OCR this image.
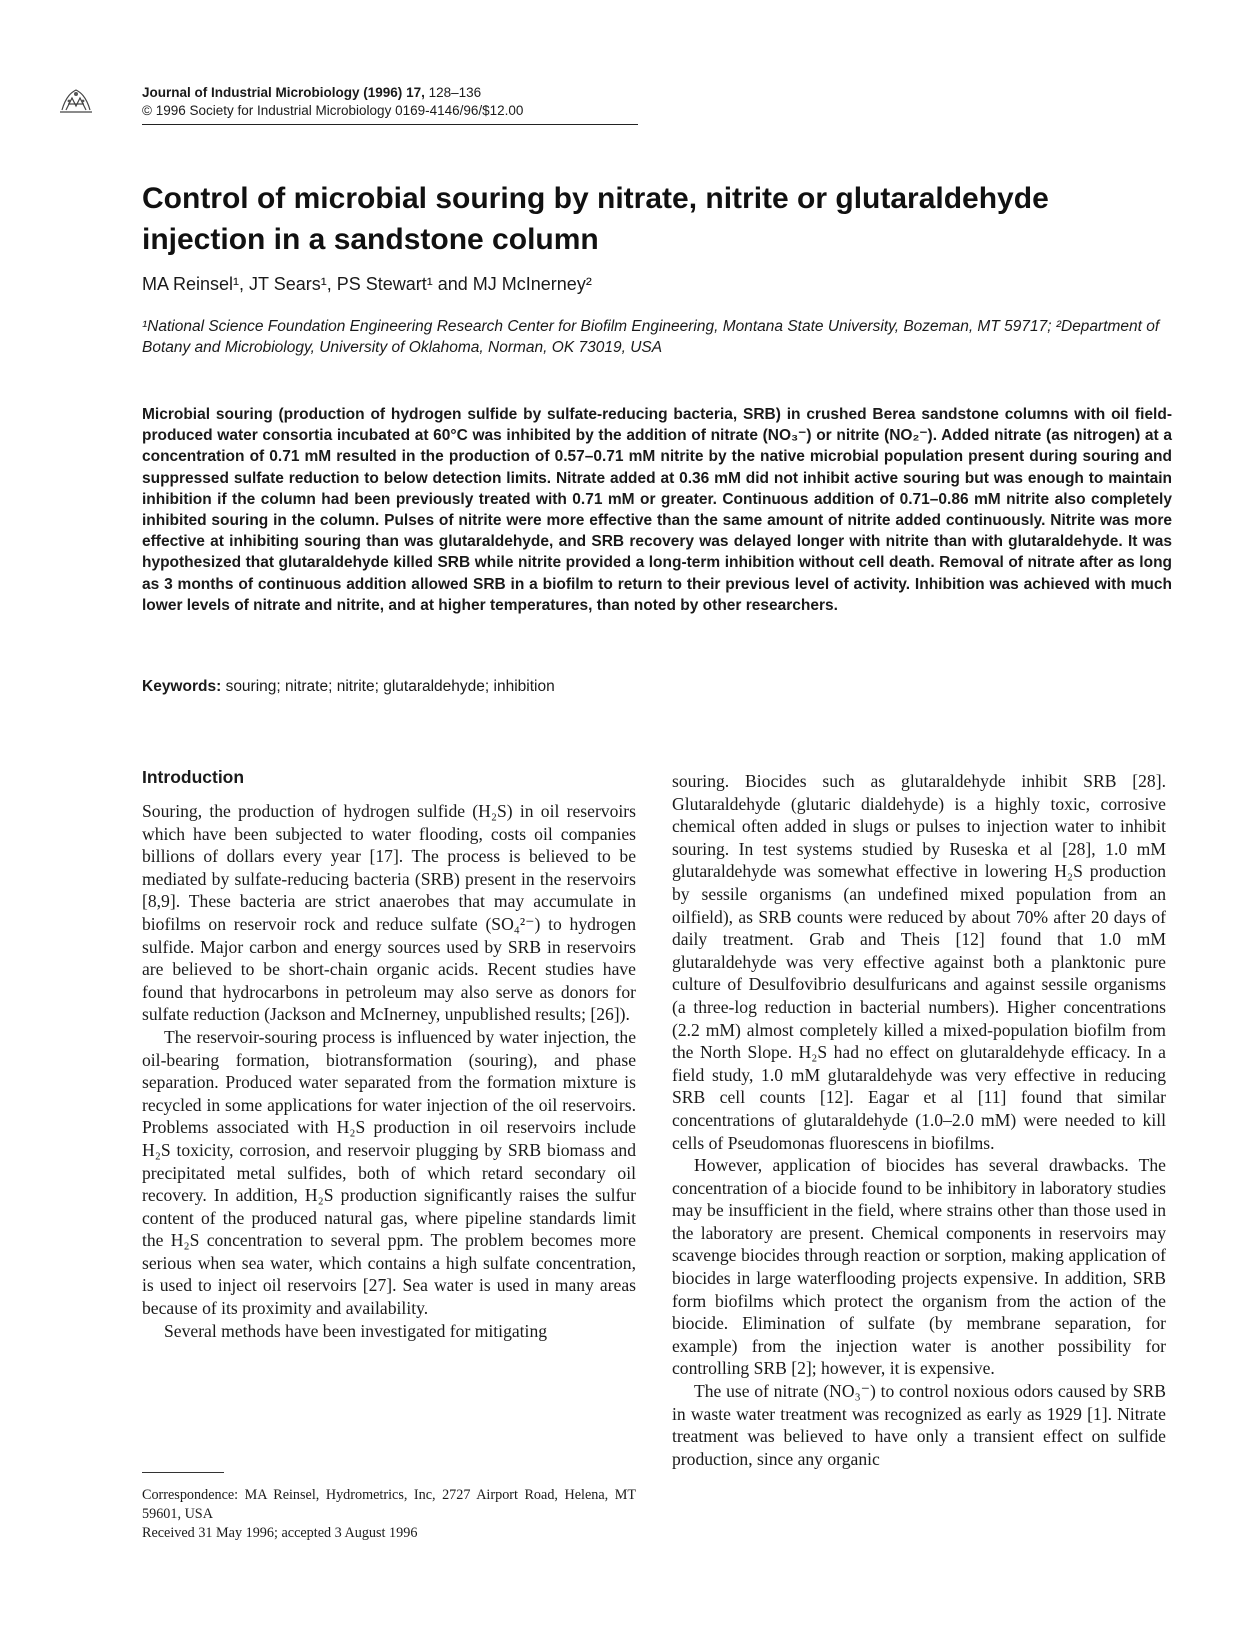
Journal of Industrial Microbiology (1996) 17, 128–136
© 1996 Society for Industrial Microbiology 0169-4146/96/$12.00
Control of microbial souring by nitrate, nitrite or glutaraldehyde injection in a sandstone column
MA Reinsel¹, JT Sears¹, PS Stewart¹ and MJ McInerney²
¹National Science Foundation Engineering Research Center for Biofilm Engineering, Montana State University, Bozeman, MT 59717; ²Department of Botany and Microbiology, University of Oklahoma, Norman, OK 73019, USA

Microbial souring (production of hydrogen sulfide by sulfate-reducing bacteria, SRB) in crushed Berea sandstone columns with oil field-produced water consortia incubated at 60°C was inhibited by the addition of nitrate (NO₃⁻) or nitrite (NO₂⁻). Added nitrate (as nitrogen) at a concentration of 0.71 mM resulted in the production of 0.57–0.71 mM nitrite by the native microbial population present during souring and suppressed sulfate reduction to below detection limits. Nitrate added at 0.36 mM did not inhibit active souring but was enough to maintain inhibition if the column had been previously treated with 0.71 mM or greater. Continuous addition of 0.71–0.86 mM nitrite also completely inhibited souring in the column. Pulses of nitrite were more effective than the same amount of nitrite added continuously. Nitrite was more effective at inhibiting souring than was glutaraldehyde, and SRB recovery was delayed longer with nitrite than with glutaraldehyde. It was hypothesized that glutaraldehyde killed SRB while nitrite provided a long-term inhibition without cell death. Removal of nitrate after as long as 3 months of continuous addition allowed SRB in a biofilm to return to their previous level of activity. Inhibition was achieved with much lower levels of nitrate and nitrite, and at higher temperatures, than noted by other researchers.

Keywords: souring; nitrate; nitrite; glutaraldehyde; inhibition
Introduction

Souring, the production of hydrogen sulfide (H₂S) in oil reservoirs which have been subjected to water flooding, costs oil companies billions of dollars every year [17]. The process is believed to be mediated by sulfate-reducing bacteria (SRB) present in the reservoirs [8,9]. These bacteria are strict anaerobes that may accumulate in biofilms on reservoir rock and reduce sulfate (SO₄²⁻) to hydrogen sulfide. Major carbon and energy sources used by SRB in reservoirs are believed to be short-chain organic acids. Recent studies have found that hydrocarbons in petroleum may also serve as donors for sulfate reduction (Jackson and McInerney, unpublished results; [26]).

The reservoir-souring process is influenced by water injection, the oil-bearing formation, biotransformation (souring), and phase separation. Produced water separated from the formation mixture is recycled in some applications for water injection of the oil reservoirs. Problems associated with H₂S production in oil reservoirs include H₂S toxicity, corrosion, and reservoir plugging by SRB biomass and precipitated metal sulfides, both of which retard secondary oil recovery. In addition, H₂S production significantly raises the sulfur content of the produced natural gas, where pipeline standards limit the H₂S concentration to several ppm. The problem becomes more serious when sea water, which contains a high sulfate concentration, is used to inject oil reservoirs [27]. Sea water is used in many areas because of its proximity and availability.

Several methods have been investigated for mitigating

souring. Biocides such as glutaraldehyde inhibit SRB [28]. Glutaraldehyde (glutaric dialdehyde) is a highly toxic, corrosive chemical often added in slugs or pulses to injection water to inhibit souring. In test systems studied by Ruseska et al [28], 1.0 mM glutaraldehyde was somewhat effective in lowering H₂S production by sessile organisms (an undefined mixed population from an oilfield), as SRB counts were reduced by about 70% after 20 days of daily treatment. Grab and Theis [12] found that 1.0 mM glutaraldehyde was very effective against both a planktonic pure culture of Desulfovibrio desulfuricans and against sessile organisms (a three-log reduction in bacterial numbers). Higher concentrations (2.2 mM) almost completely killed a mixed-population biofilm from the North Slope. H₂S had no effect on glutaraldehyde efficacy. In a field study, 1.0 mM glutaraldehyde was very effective in reducing SRB cell counts [12]. Eagar et al [11] found that similar concentrations of glutaraldehyde (1.0–2.0 mM) were needed to kill cells of Pseudomonas fluorescens in biofilms.

However, application of biocides has several drawbacks. The concentration of a biocide found to be inhibitory in laboratory studies may be insufficient in the field, where strains other than those used in the laboratory are present. Chemical components in reservoirs may scavenge biocides through reaction or sorption, making application of biocides in large waterflooding projects expensive. In addition, SRB form biofilms which protect the organism from the action of the biocide. Elimination of sulfate (by membrane separation, for example) from the injection water is another possibility for controlling SRB [2]; however, it is expensive.

The use of nitrate (NO₃⁻) to control noxious odors caused by SRB in waste water treatment was recognized as early as 1929 [1]. Nitrate treatment was believed to have only a transient effect on sulfide production, since any organic

Correspondence: MA Reinsel, Hydrometrics, Inc, 2727 Airport Road, Helena, MT 59601, USA
Received 31 May 1996; accepted 3 August 1996
